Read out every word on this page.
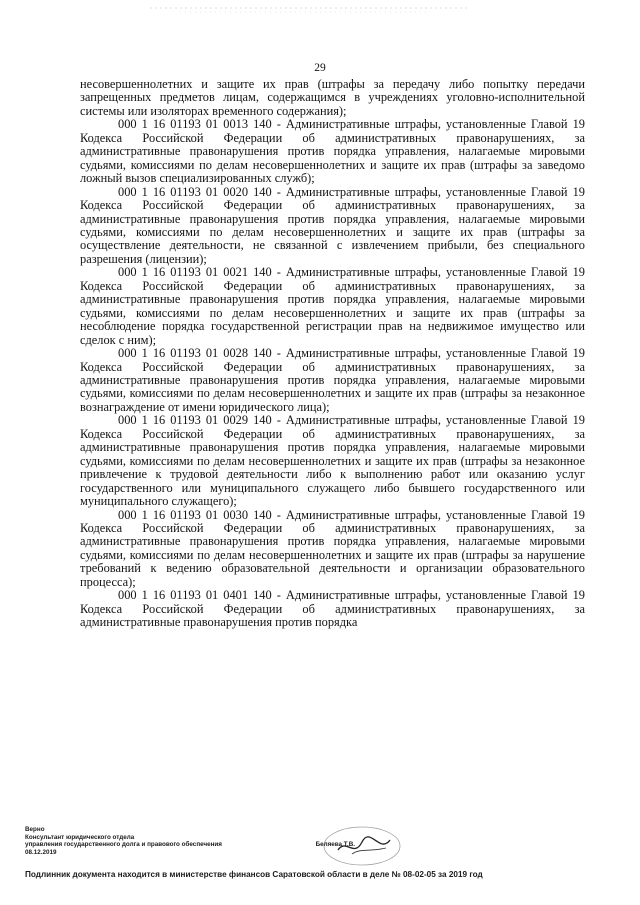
29

несовершеннолетних и защите их прав (штрафы за передачу либо попытку передачи запрещенных предметов лицам, содержащимся в учреждениях уголовно-исполнительной системы или изоляторах временного содержания);

000 1 16 01193 01 0013 140 - Административные штрафы, установленные Главой 19 Кодекса Российской Федерации об административных правонарушениях, за административные правонарушения против порядка управления, налагаемые мировыми судьями, комиссиями по делам несовершеннолетних и защите их прав (штрафы за заведомо ложный вызов специализированных служб);

000 1 16 01193 01 0020 140 - Административные штрафы, установленные Главой 19 Кодекса Российской Федерации об административных правонарушениях, за административные правонарушения против порядка управления, налагаемые мировыми судьями, комиссиями по делам несовершеннолетних и защите их прав (штрафы за осуществление деятельности, не связанной с извлечением прибыли, без специального разрешения (лицензии);

000 1 16 01193 01 0021 140 - Административные штрафы, установленные Главой 19 Кодекса Российской Федерации об административных правонарушениях, за административные правонарушения против порядка управления, налагаемые мировыми судьями, комиссиями по делам несовершеннолетних и защите их прав (штрафы за несоблюдение порядка государственной регистрации прав на недвижимое имущество или сделок с ним);

000 1 16 01193 01 0028 140 - Административные штрафы, установленные Главой 19 Кодекса Российской Федерации об административных правонарушениях, за административные правонарушения против порядка управления, налагаемые мировыми судьями, комиссиями по делам несовершеннолетних и защите их прав (штрафы за незаконное вознаграждение от имени юридического лица);

000 1 16 01193 01 0029 140 - Административные штрафы, установленные Главой 19 Кодекса Российской Федерации об административных правонарушениях, за административные правонарушения против порядка управления, налагаемые мировыми судьями, комиссиями по делам несовершеннолетних и защите их прав (штрафы за незаконное привлечение к трудовой деятельности либо к выполнению работ или оказанию услуг государственного или муниципального служащего либо бывшего государственного или муниципального служащего);

000 1 16 01193 01 0030 140 - Административные штрафы, установленные Главой 19 Кодекса Российской Федерации об административных правонарушениях, за административные правонарушения против порядка управления, налагаемые мировыми судьями, комиссиями по делам несовершеннолетних и защите их прав (штрафы за нарушение требований к ведению образовательной деятельности и организации образовательного процесса);

000 1 16 01193 01 0401 140 - Административные штрафы, установленные Главой 19 Кодекса Российской Федерации об административных правонарушениях, за административные правонарушения против порядка

Верно
Консультант юридического отдела
управления государственного долга и правового обеспечения	Беляева Т.В.
08.12.2019
Подлинник документа находится в министерстве финансов Саратовской области в деле № 08-02-05 за 2019 год
